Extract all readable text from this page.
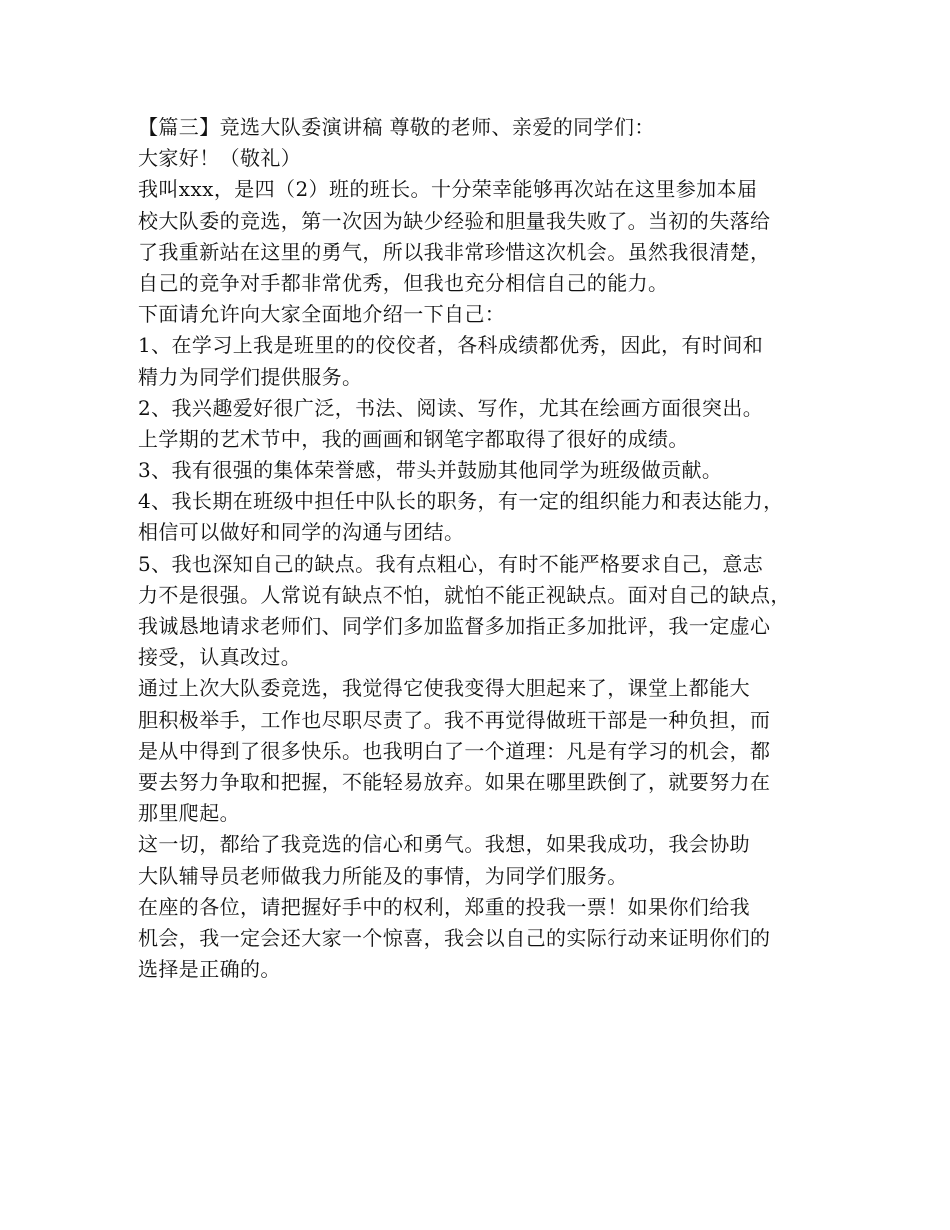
【篇三】竞选大队委演讲稿 尊敬的老师、亲爱的同学们：
大家好！（敬礼）
我叫xxx，是四（2）班的班长。十分荣幸能够再次站在这里参加本届
校大队委的竞选，第一次因为缺少经验和胆量我失败了。当初的失落给
了我重新站在这里的勇气，所以我非常珍惜这次机会。虽然我很清楚，
自己的竞争对手都非常优秀，但我也充分相信自己的能力。
下面请允许向大家全面地介绍一下自己：
1、在学习上我是班里的的佼佼者，各科成绩都优秀，因此，有时间和
精力为同学们提供服务。
2、我兴趣爱好很广泛，书法、阅读、写作，尤其在绘画方面很突出。
上学期的艺术节中，我的画画和钢笔字都取得了很好的成绩。
3、我有很强的集体荣誉感，带头并鼓励其他同学为班级做贡献。
4、我长期在班级中担任中队长的职务，有一定的组织能力和表达能力，
相信可以做好和同学的沟通与团结。
5、我也深知自己的缺点。我有点粗心，有时不能严格要求自己，意志
力不是很强。人常说有缺点不怕，就怕不能正视缺点。面对自己的缺点，
我诚恳地请求老师们、同学们多加监督多加指正多加批评，我一定虚心
接受，认真改过。
通过上次大队委竞选，我觉得它使我变得大胆起来了，课堂上都能大
胆积极举手，工作也尽职尽责了。我不再觉得做班干部是一种负担，而
是从中得到了很多快乐。也我明白了一个道理：凡是有学习的机会，都
要去努力争取和把握，不能轻易放弃。如果在哪里跌倒了，就要努力在
那里爬起。
这一切，都给了我竞选的信心和勇气。我想，如果我成功，我会协助
大队辅导员老师做我力所能及的事情，为同学们服务。
在座的各位，请把握好手中的权利，郑重的投我一票！如果你们给我
机会，我一定会还大家一个惊喜，我会以自己的实际行动来证明你们的
选择是正确的。
